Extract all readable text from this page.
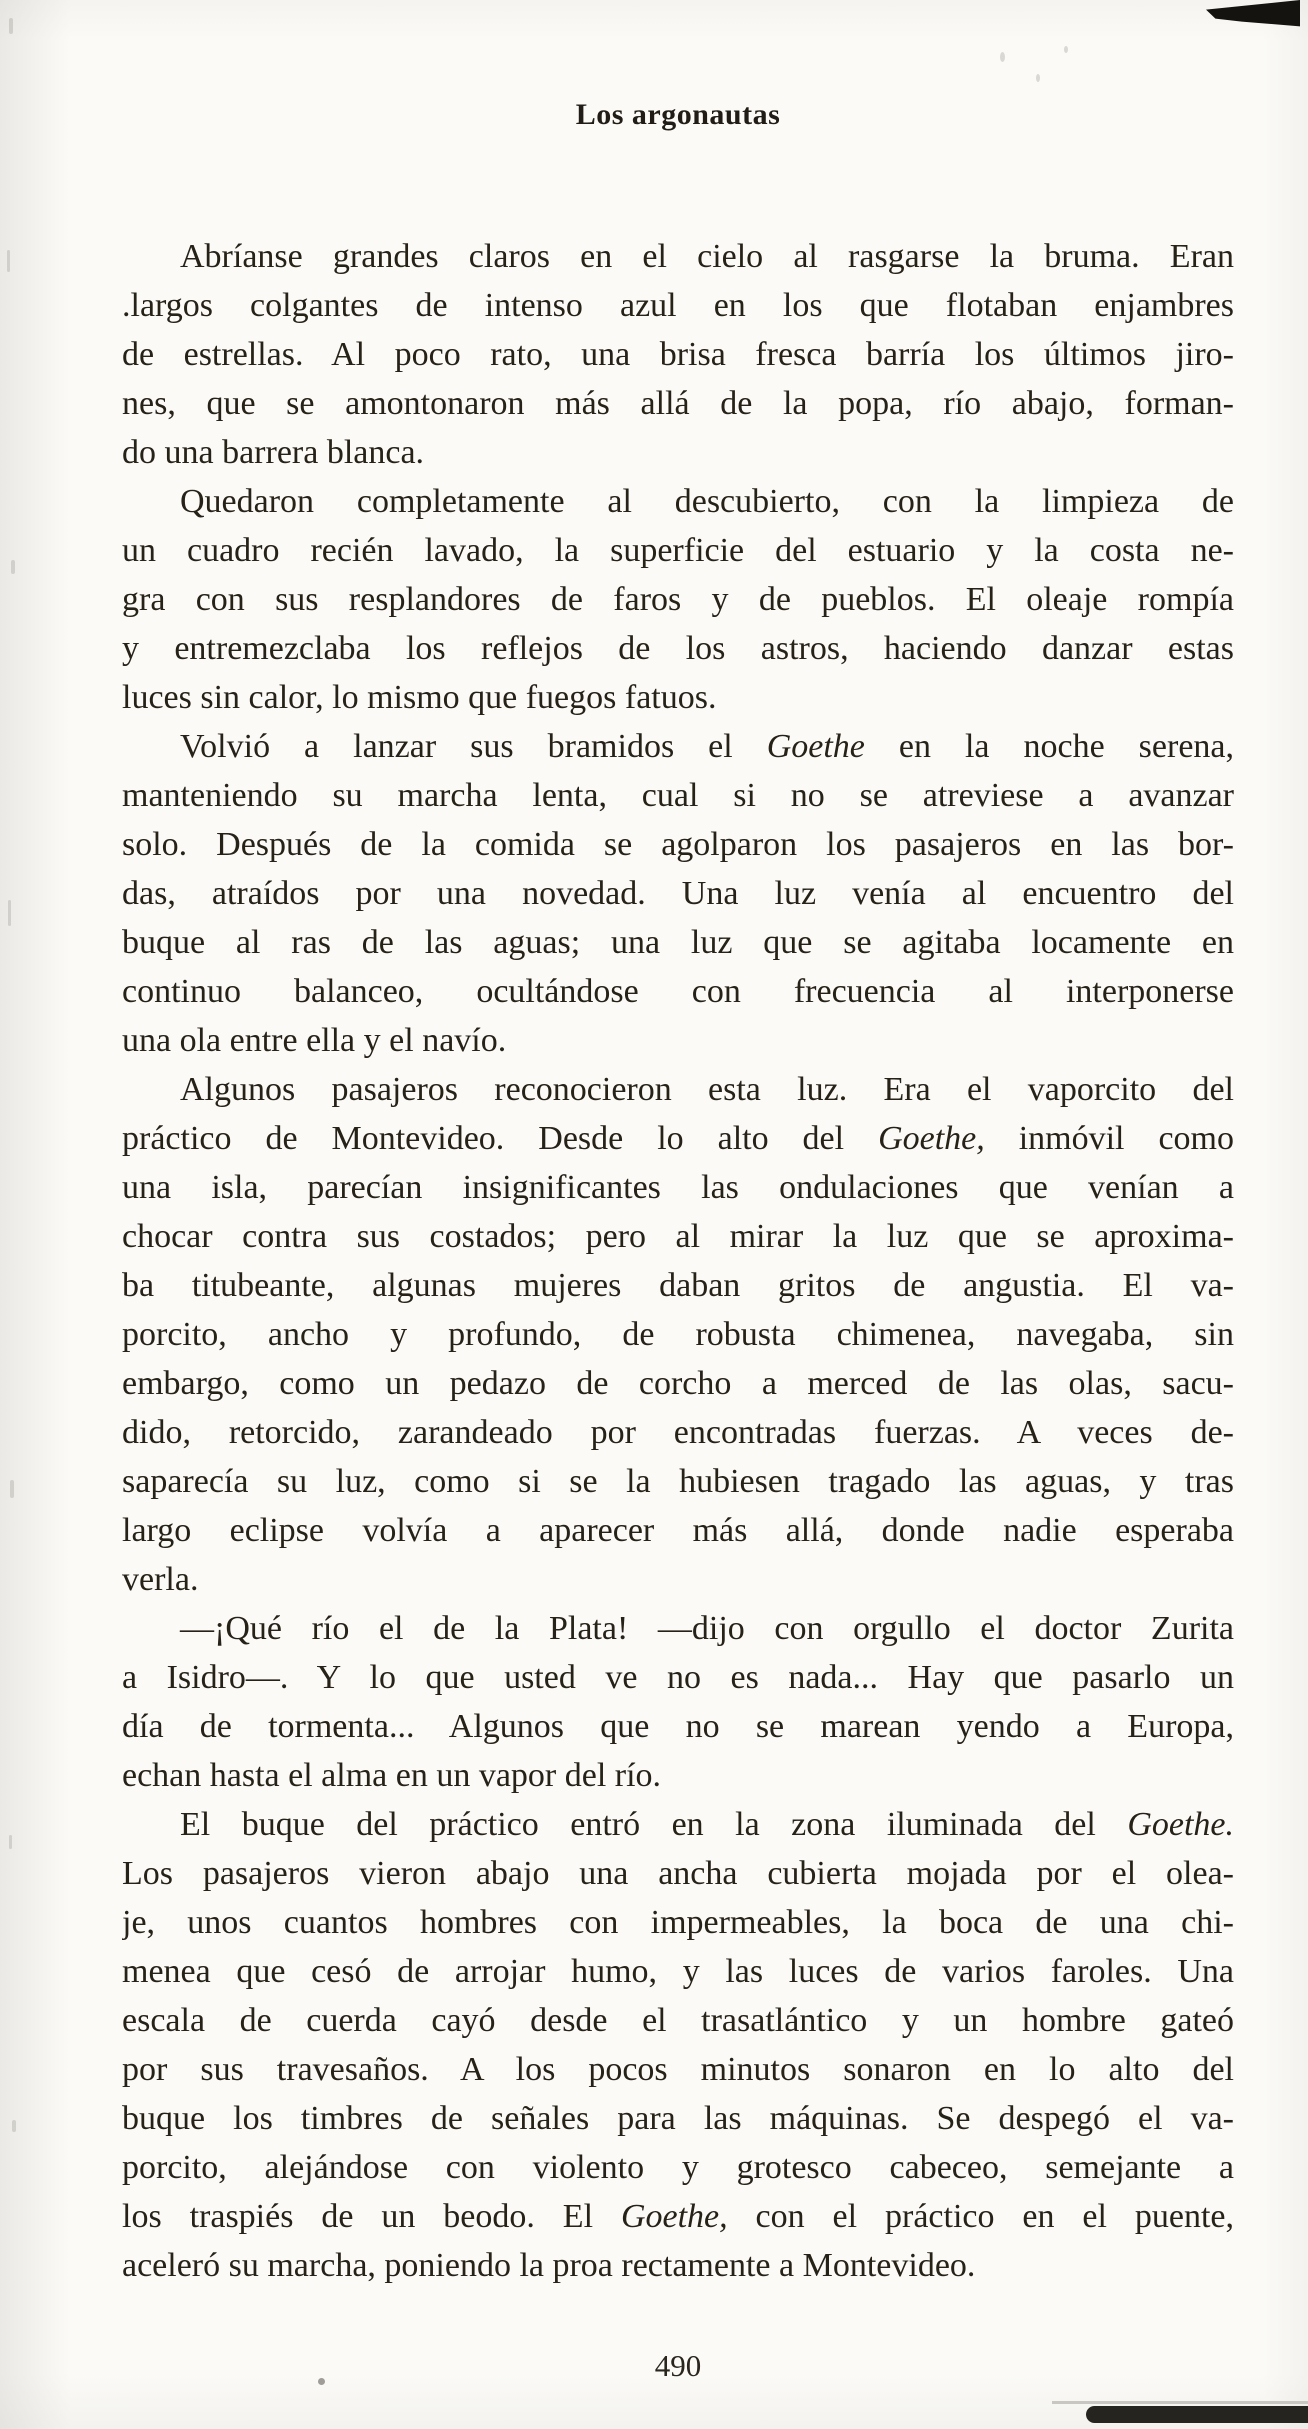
Los argonautas
Abríanse grandes claros en el cielo al rasgarse la bruma. Eran
.largos colgantes de intenso azul en los que flotaban enjambres
de estrellas. Al poco rato, una brisa fresca barría los últimos jiro-
nes, que se amontonaron más allá de la popa, río abajo, forman-
do una barrera blanca.
Quedaron completamente al descubierto, con la limpieza de
un cuadro recién lavado, la superficie del estuario y la costa ne-
gra con sus resplandores de faros y de pueblos. El oleaje rompía
y entremezclaba los reflejos de los astros, haciendo danzar estas
luces sin calor, lo mismo que fuegos fatuos.
Volvió a lanzar sus bramidos el Goethe en la noche serena,
manteniendo su marcha lenta, cual si no se atreviese a avanzar
solo. Después de la comida se agolparon los pasajeros en las bor-
das, atraídos por una novedad. Una luz venía al encuentro del
buque al ras de las aguas; una luz que se agitaba locamente en
continuo balanceo, ocultándose con frecuencia al interponerse
una ola entre ella y el navío.
Algunos pasajeros reconocieron esta luz. Era el vaporcito del
práctico de Montevideo. Desde lo alto del Goethe, inmóvil como
una isla, parecían insignificantes las ondulaciones que venían a
chocar contra sus costados; pero al mirar la luz que se aproxima-
ba titubeante, algunas mujeres daban gritos de angustia. El va-
porcito, ancho y profundo, de robusta chimenea, navegaba, sin
embargo, como un pedazo de corcho a merced de las olas, sacu-
dido, retorcido, zarandeado por encontradas fuerzas. A veces de-
saparecía su luz, como si se la hubiesen tragado las aguas, y tras
largo eclipse volvía a aparecer más allá, donde nadie esperaba
verla.
—¡Qué río el de la Plata! —dijo con orgullo el doctor Zurita
a Isidro—. Y lo que usted ve no es nada... Hay que pasarlo un
día de tormenta... Algunos que no se marean yendo a Europa,
echan hasta el alma en un vapor del río.
El buque del práctico entró en la zona iluminada del Goethe.
Los pasajeros vieron abajo una ancha cubierta mojada por el olea-
je, unos cuantos hombres con impermeables, la boca de una chi-
menea que cesó de arrojar humo, y las luces de varios faroles. Una
escala de cuerda cayó desde el trasatlántico y un hombre gateó
por sus travesaños. A los pocos minutos sonaron en lo alto del
buque los timbres de señales para las máquinas. Se despegó el va-
porcito, alejándose con violento y grotesco cabeceo, semejante a
los traspiés de un beodo. El Goethe, con el práctico en el puente,
aceleró su marcha, poniendo la proa rectamente a Montevideo.
490
